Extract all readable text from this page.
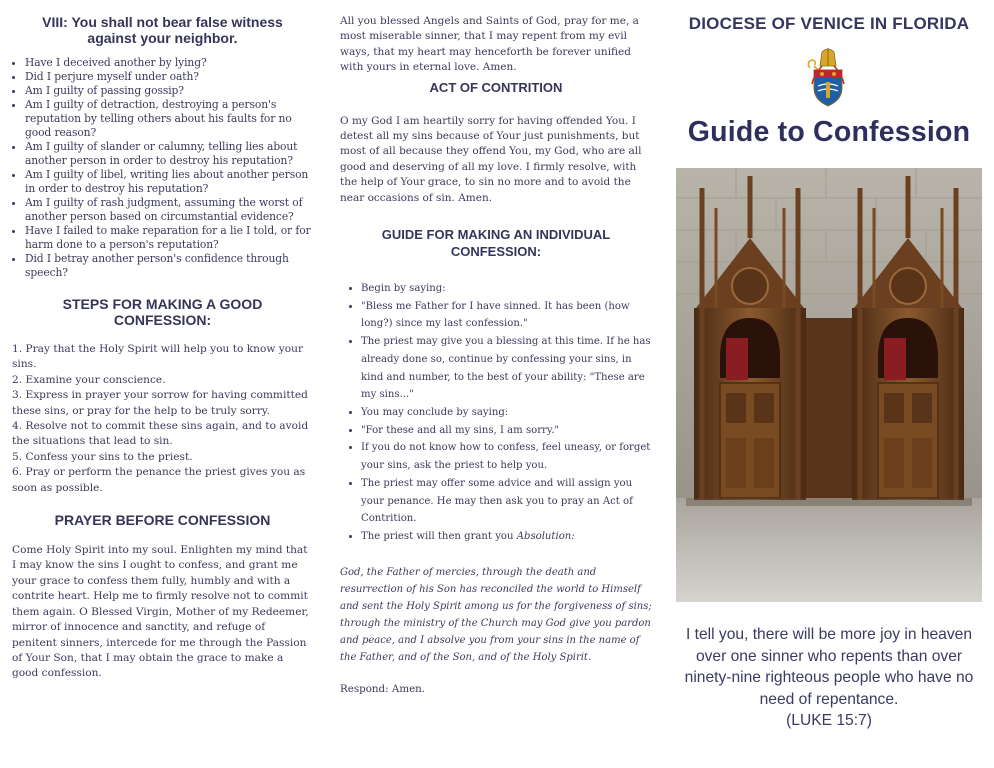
VIII: You shall not bear false witness against your neighbor.
• Have I deceived another by lying?
• Did I perjure myself under oath?
• Am I guilty of passing gossip?
• Am I guilty of detraction, destroying a person's reputation by telling others about his faults for no good reason?
• Am I guilty of slander or calumny, telling lies about another person in order to destroy his reputation?
• Am I guilty of libel, writing lies about another person in order to destroy his reputation?
• Am I guilty of rash judgment, assuming the worst of another person based on circumstantial evidence?
• Have I failed to make reparation for a lie I told, or for harm done to a person's reputation?
• Did I betray another person's confidence through speech?
STEPS FOR MAKING A GOOD CONFESSION:
1. Pray that the Holy Spirit will help you to know your sins.
2. Examine your conscience.
3. Express in prayer your sorrow for having committed these sins, or pray for the help to be truly sorry.
4. Resolve not to commit these sins again, and to avoid the situations that lead to sin.
5. Confess your sins to the priest.
6. Pray or perform the penance the priest gives you as soon as possible.
PRAYER BEFORE CONFESSION

Come Holy Spirit into my soul. Enlighten my mind that I may know the sins I ought to confess, and grant me your grace to confess them fully, humbly and with a contrite heart. Help me to firmly resolve not to commit them again. O Blessed Virgin, Mother of my Redeemer, mirror of innocence and sanctity, and refuge of penitent sinners, intercede for me through the Passion of Your Son, that I may obtain the grace to make a good confession.

All you blessed Angels and Saints of God, pray for me, a most miserable sinner, that I may repent from my evil ways, that my heart may henceforth be forever unified with yours in eternal love. Amen.

ACT OF CONTRITION

O my God I am heartily sorry for having offended You. I detest all my sins because of Your just punishments, but most of all because they offend You, my God, who are all good and deserving of all my love. I firmly resolve, with the help of Your grace, to sin no more and to avoid the near occasions of sin. Amen.

GUIDE FOR MAKING AN INDIVIDUAL CONFESSION:
• Begin by saying:
• "Bless me Father for I have sinned. It has been (how long?) since my last confession."
• The priest may give you a blessing at this time. If he has already done so, continue by confessing your sins, in kind and number, to the best of your ability: "These are my sins..."
• You may conclude by saying:
• "For these and all my sins, I am sorry."
• If you do not know how to confess, feel uneasy, or forget your sins, ask the priest to help you.
• The priest may offer some advice and will assign you your penance. He may then ask you to pray an Act of Contrition.
• The priest will then grant you Absolution:

God, the Father of mercies, through the death and resurrection of his Son has reconciled the world to Himself and sent the Holy Spirit among us for the forgiveness of sins; through the ministry of the Church may God give you pardon and peace, and I absolve you from your sins in the name of the Father, and of the Son, and of the Holy Spirit.

Respond: Amen.

DIOCESE OF VENICE IN FLORIDA
Guide to Confession
I tell you, there will be more joy in heaven over one sinner who repents than over ninety-nine righteous people who have no need of repentance.
(LUKE 15:7)
